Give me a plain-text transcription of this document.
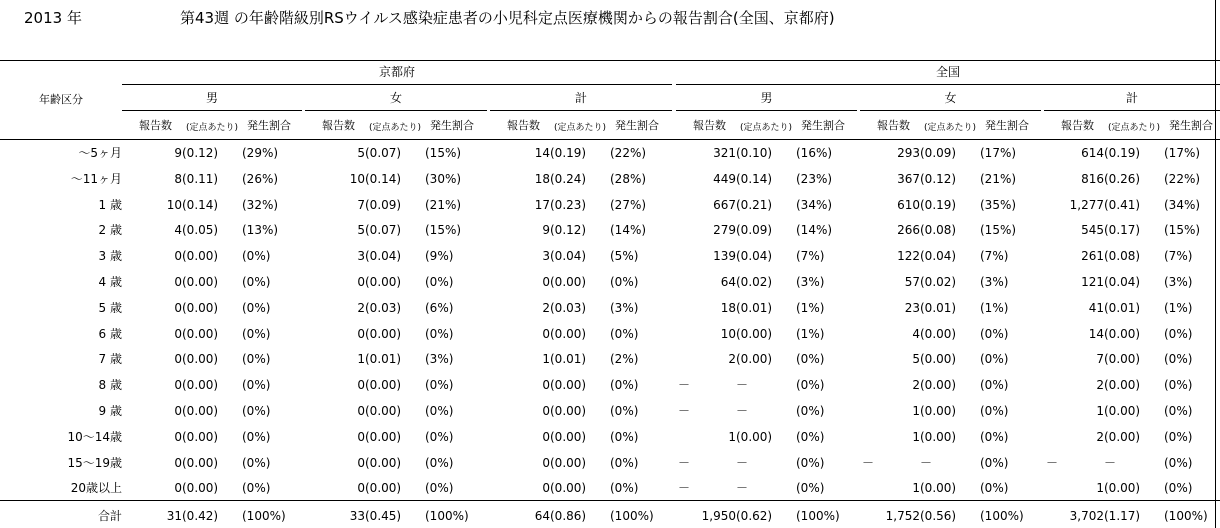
2013 年	第43週 の年齢階級別RSウイルス感染症患者の小児科定点医療機関からの報告割合(全国、京都府)
年齢区分
京都府	全国
男
報告数 (定点あたり) 発生割合
女
報告数 (定点あたり) 発生割合
計
報告数 (定点あたり) 発生割合
男
報告数 (定点あたり) 発生割合
女
報告数 (定点あたり) 発生割合
計
報告数 (定点あたり) 発生割合
～5ヶ月	9 (0.12) (29%)	5 (0.07) (15%)	14 (0.19) (22%)	321 (0.10) (16%)	293 (0.09) (17%)	614 (0.19) (17%)
～11ヶ月	8 (0.11) (26%)	10 (0.14) (30%)	18 (0.24) (28%)	449 (0.14) (23%)	367 (0.12) (21%)	816 (0.26) (22%)
1 歳	10 (0.14) (32%)	7 (0.09) (21%)	17 (0.23) (27%)	667 (0.21) (34%)	610 (0.19) (35%)	1,277 (0.41) (34%)
2 歳	4 (0.05) (13%)	5 (0.07) (15%)	9 (0.12) (14%)	279 (0.09) (14%)	266 (0.08) (15%)	545 (0.17) (15%)
3 歳	0 (0.00) (0%)	3 (0.04) (9%)	3 (0.04) (5%)	139 (0.04) (7%)	122 (0.04) (7%)	261 (0.08) (7%)
4 歳	0 (0.00) (0%)	0 (0.00) (0%)	0 (0.00) (0%)	64 (0.02) (3%)	57 (0.02) (3%)	121 (0.04) (3%)
5 歳	0 (0.00) (0%)	2 (0.03) (6%)	2 (0.03) (3%)	18 (0.01) (1%)	23 (0.01) (1%)	41 (0.01) (1%)
6 歳	0 (0.00) (0%)	0 (0.00) (0%)	0 (0.00) (0%)	10 (0.00) (1%)	4 (0.00) (0%)	14 (0.00) (0%)
7 歳	0 (0.00) (0%)	1 (0.01) (3%)	1 (0.01) (2%)	2 (0.00) (0%)	5 (0.00) (0%)	7 (0.00) (0%)
8 歳	0 (0.00) (0%)	0 (0.00) (0%)	0 (0.00) (0%)	－	－	(0%)	2 (0.00) (0%)	2 (0.00) (0%)
9 歳	0 (0.00) (0%)	0 (0.00) (0%)	0 (0.00) (0%)	－	－	(0%)	1 (0.00) (0%)	1 (0.00) (0%)
10～14歳	0 (0.00) (0%)	0 (0.00) (0%)	0 (0.00) (0%)	1 (0.00) (0%)	1 (0.00) (0%)	2 (0.00) (0%)
15～19歳	0 (0.00) (0%)	0 (0.00) (0%)	0 (0.00) (0%)	－	－	(0%)	－	－	(0%)	－	－	(0%)
20歳以上	0 (0.00) (0%)	0 (0.00) (0%)	0 (0.00) (0%)	－	－	(0%)	1 (0.00) (0%)	1 (0.00) (0%)
合計	31 (0.42) (100%)	33 (0.45) (100%)	64 (0.86) (100%)	1,950 (0.62) (100%)	1,752 (0.56) (100%)	3,702 (1.17) (100%)
